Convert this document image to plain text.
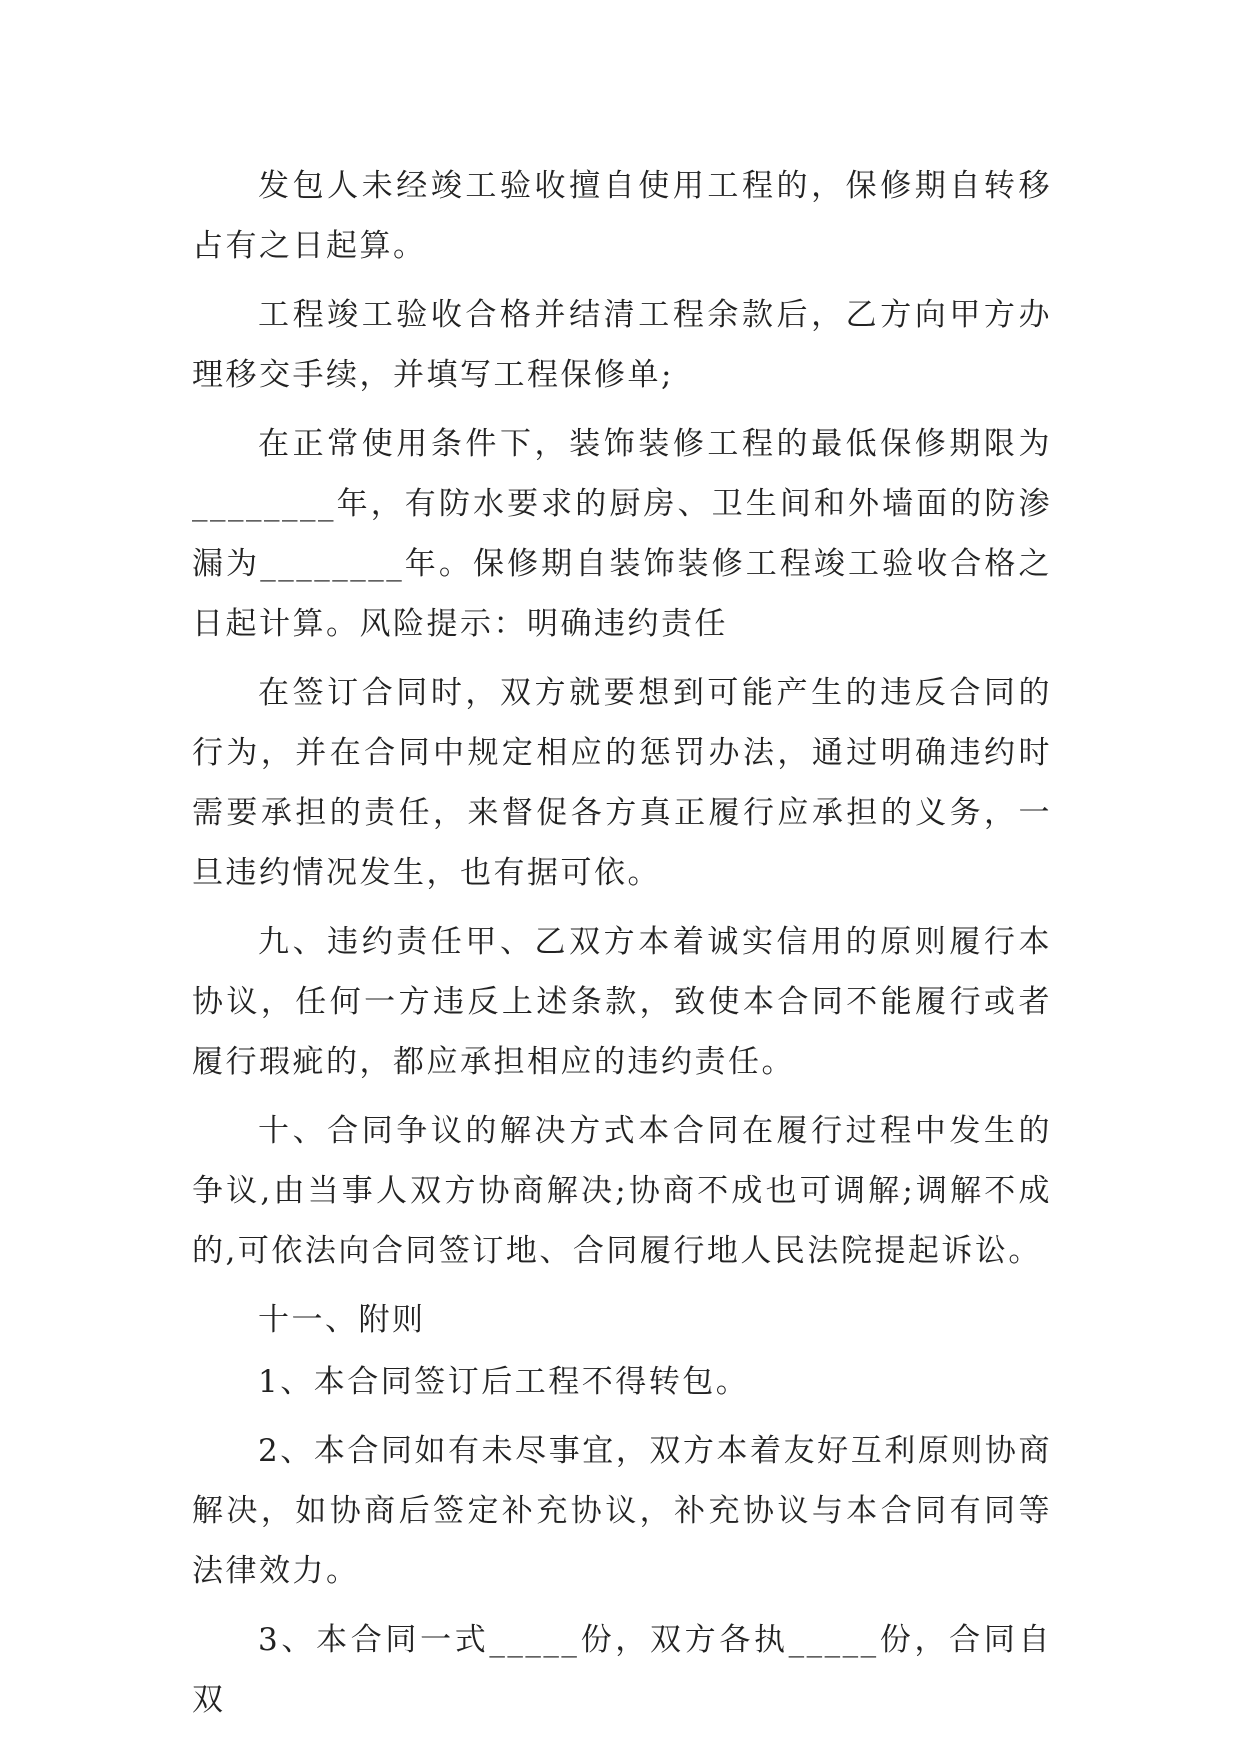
发包人未经竣工验收擅自使用工程的，保修期自转移占有之日起算。

工程竣工验收合格并结清工程余款后，乙方向甲方办理移交手续，并填写工程保修单;

在正常使用条件下，装饰装修工程的最低保修期限为________年，有防水要求的厨房、卫生间和外墙面的防渗漏为________年。保修期自装饰装修工程竣工验收合格之日起计算。风险提示：明确违约责任

在签订合同时，双方就要想到可能产生的违反合同的行为，并在合同中规定相应的惩罚办法，通过明确违约时需要承担的责任，来督促各方真正履行应承担的义务，一旦违约情况发生，也有据可依。

九、违约责任甲、乙双方本着诚实信用的原则履行本协议，任何一方违反上述条款，致使本合同不能履行或者履行瑕疵的，都应承担相应的违约责任。

十、合同争议的解决方式本合同在履行过程中发生的争议,由当事人双方协商解决;协商不成也可调解;调解不成的,可依法向合同签订地、合同履行地人民法院提起诉讼。

十一、附则

1、本合同签订后工程不得转包。

2、本合同如有未尽事宜，双方本着友好互利原则协商解决，如协商后签定补充协议，补充协议与本合同有同等法律效力。

3、本合同一式_____份，双方各执_____份，合同自双
